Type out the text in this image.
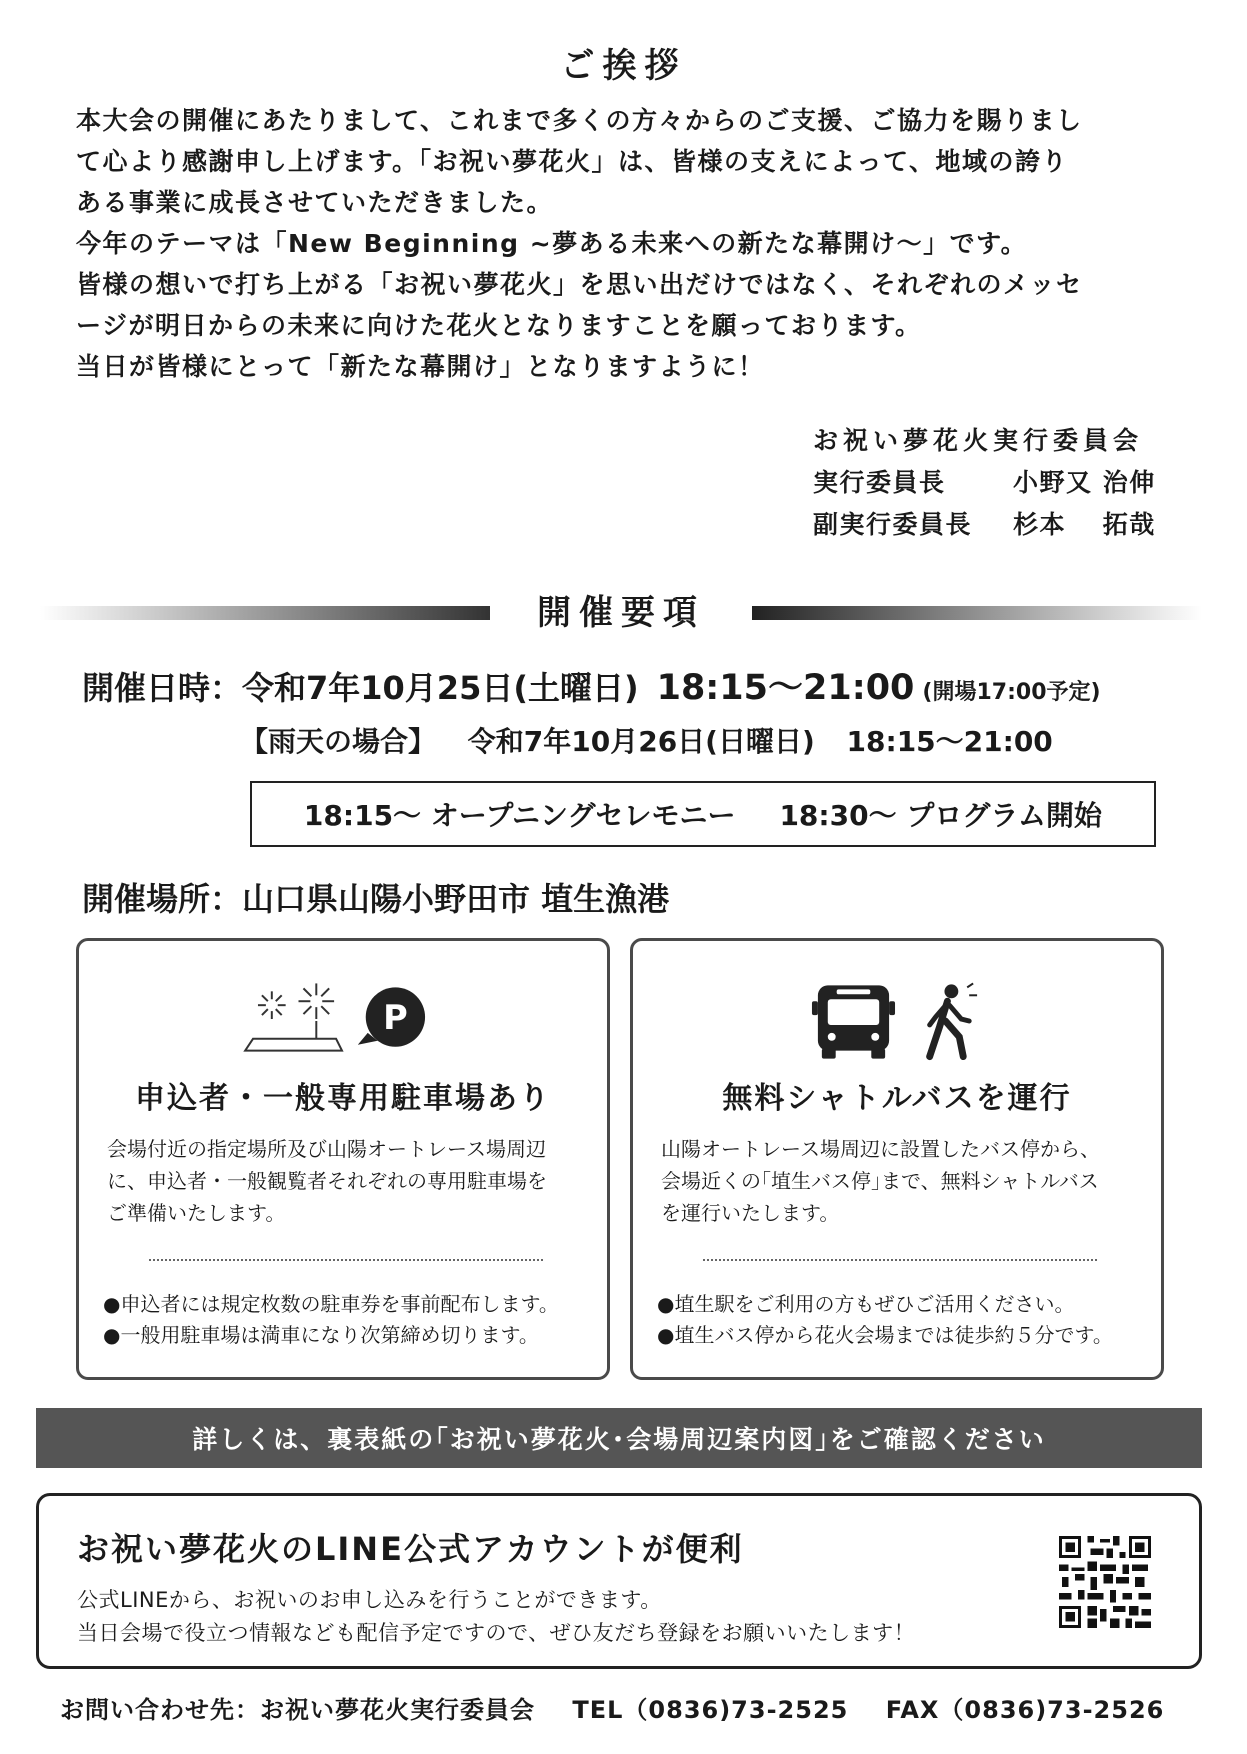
ご挨拶

本大会の開催にあたりまして、これまで多くの方々からのご支援、ご協力を賜りまし

て心より感謝申し上げます。「お祝い夢花火」は、皆様の支えによって、地域の誇り

ある事業に成長させていただきました。

今年のテーマは「New Beginning ~夢ある未来への新たな幕開け〜」です。

皆様の想いで打ち上がる「お祝い夢花火」を思い出だけではなく、それぞれのメッセ

ージが明日からの未来に向けた花火となりますことを願っております。

当日が皆様にとって「新たな幕開け」となりますように！

お祝い夢花火実行委員会
実行委員長	小野又 治伸
副実行委員長	杉本　 拓哉
開催要項
開催日時：令和7年10月25日(土曜日) 18:15〜21:00 (開場17:00予定)
【雨天の場合】 令和7年10月26日(日曜日) 18:15〜21:00
18:15〜 オープニングセレモニー 18:30〜 プログラム開始
開催場所：山口県山陽小野田市 埴生漁港
P
申込者・一般専用駐車場あり
会場付近の指定場所及び山陽オートレース場周辺
に、申込者・一般観覧者それぞれの専用駐車場を
ご準備いたします。
●申込者には規定枚数の駐車券を事前配布します。
●一般用駐車場は満車になり次第締め切ります。
無料シャトルバスを運行
山陽オートレース場周辺に設置したバス停から、
会場近くの｢埴生バス停｣まで、無料シャトルバス
を運行いたします。
●埴生駅をご利用の方もぜひご活用ください。
●埴生バス停から花火会場までは徒歩約５分です。
詳しくは、裏表紙の｢お祝い夢花火･会場周辺案内図｣をご確認ください
お祝い夢花火のLINE公式アカウントが便利
公式LINEから、お祝いのお申し込みを行うことができます。
当日会場で役立つ情報なども配信予定ですので、ぜひ友だち登録をお願いいたします！
お問い合わせ先：お祝い夢花火実行委員会 TEL（0836)73-2525 FAX（0836)73-2526
